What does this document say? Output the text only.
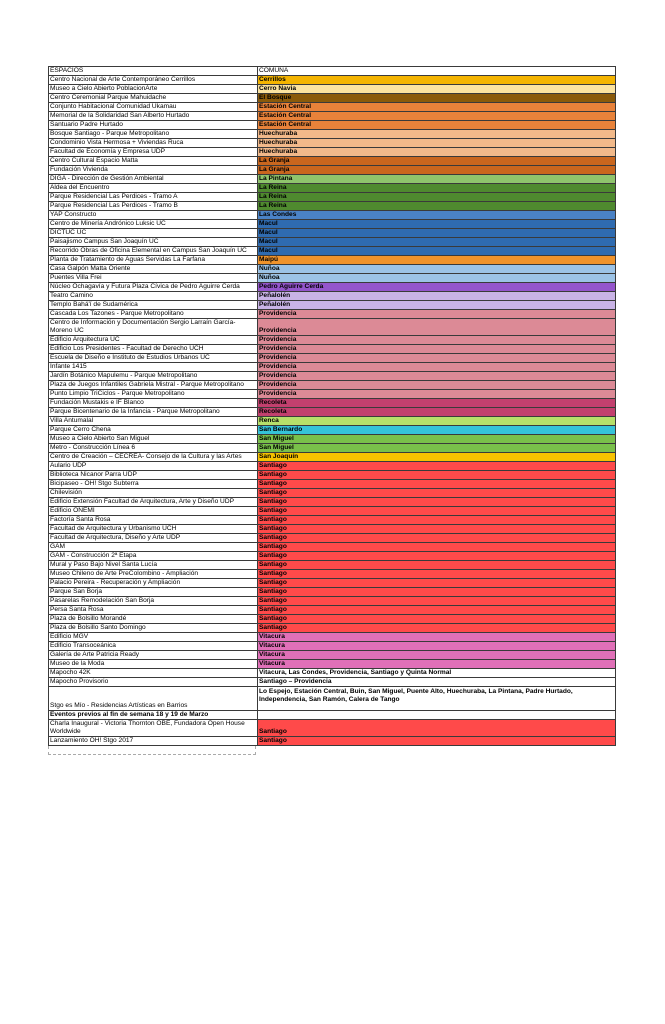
ESPACIOS	COMUNA
Centro Nacional de Arte Contemporáneo Cerrillos	Cerrillos
Museo a Cielo Abierto PoblacionArte	Cerro Navia
Centro Ceremonial Parque Mahuidache	El Bosque
Conjunto Habitacional Comunidad Ukamau	Estación Central
Memorial de la Solidaridad San Alberto Hurtado	Estación Central
Santuario Padre Hurtado	Estación Central
Bosque Santiago - Parque Metropolitano	Huechuraba
Condominio Vista Hermosa + Viviendas Ruca	Huechuraba
Facultad de Economía y Empresa UDP	Huechuraba
Centro Cultural Espacio Matta	La Granja
Fundación Vivienda	La Granja
DIGA - Dirección de Gestión Ambiental	La Pintana
Aldea del Encuentro	La Reina
Parque Residencial Las Perdices - Tramo A	La Reina
Parque Residencial Las Perdices - Tramo B	La Reina
YAP Constructo	Las Condes
Centro de Minería Andrónico Luksic UC	Macul
DICTUC UC	Macul
Paisajismo Campus San Joaquín UC	Macul
Recorrido Obras de Oficina Elemental en Campus San Joaquín UC	Macul
Planta de Tratamiento de Aguas Servidas La Farfana	Maipú
Casa Galpón Matta Oriente	Ñuñoa
Puentes Villa Frei	Ñuñoa
Núcleo Ochagavía y Futura Plaza Cívica de Pedro Aguirre Cerda	Pedro Aguirre Cerda
Teatro Camino	Peñalolén
Templo Bahá'í de Sudamérica	Peñalolén
Cascada Los Tazones - Parque Metropolitano	Providencia
Centro de Información y Documentación Sergio Larraín García-Moreno UC	Providencia
Edificio Arquitectura UC	Providencia
Edificio Los Presidentes - Facultad de Derecho UCH	Providencia
Escuela de Diseño e Instituto de Estudios Urbanos UC	Providencia
Infante 1415	Providencia
Jardín Botánico Mapulemu - Parque Metropolitano	Providencia
Plaza de Juegos Infantiles Gabriela Mistral - Parque Metropolitano	Providencia
Punto Limpio TriCiclos - Parque Metropolitano	Providencia
Fundación Mustakis e IF Blanco	Recoleta
Parque Bicentenario de la Infancia - Parque Metropolitano	Recoleta
Villa Antumalal	Renca
Parque Cerro Chena	San Bernardo
Museo a Cielo Abierto San Miguel	San Miguel
Metro - Construcción Línea 6	San Miguel
Centro de Creación – CECREA- Consejo de la Cultura y las Artes	San Joaquín
Aulario UDP	Santiago
Biblioteca Nicanor Parra UDP	Santiago
Bicipaseo - OH! Stgo Subterra	Santiago
Chilevisión	Santiago
Edificio Extensión Facultad de Arquitectura, Arte y Diseño UDP	Santiago
Edificio ONEMI	Santiago
Factoría Santa Rosa	Santiago
Facultad de Arquitectura y Urbanismo UCH	Santiago
Facultad de Arquitectura, Diseño y Arte UDP	Santiago
GAM	Santiago
GAM - Construcción 2ª Etapa	Santiago
Mural y Paso Bajo Nivel Santa Lucía	Santiago
Museo Chileno de Arte PreColombino - Ampliación	Santiago
Palacio Pereira - Recuperación y Ampliación	Santiago
Parque San Borja	Santiago
Pasarelas Remodelación San Borja	Santiago
Persa Santa Rosa	Santiago
Plaza de Bolsillo Morandé	Santiago
Plaza de Bolsillo Santo Domingo	Santiago
Edificio MGV	Vitacura
Edificio Transoceánica	Vitacura
Galería de Arte Patricia Ready	Vitacura
Museo de la Moda	Vitacura
Mapocho 42K	Vitacura, Las Condes, Providencia, Santiago y Quinta Normal
Mapocho Provisorio	Santiago – Providencia
Stgo es Mío - Residencias Artísticas en Barrios	Lo Espejo, Estación Central, Buin, San Miguel, Puente Alto, Huechuraba, La Pintana, Padre Hurtado, Independencia, San Ramón, Calera de Tango
Eventos previos al fin de semana 18 y 19 de Marzo	
Charla Inaugural - Victoria Thornton OBE, Fundadora Open House Worldwide	Santiago
Lanzamiento OH! Stgo 2017	Santiago
